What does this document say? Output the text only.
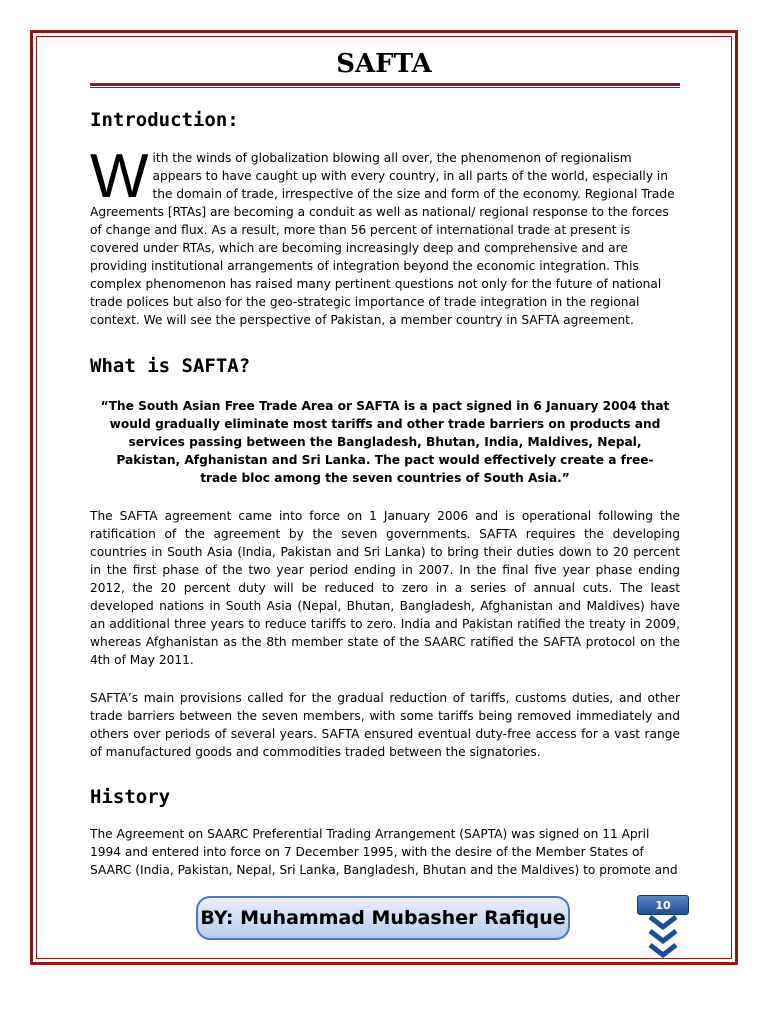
SAFTA
Introduction:

With the winds of globalization blowing all over, the phenomenon of regionalism appears to have caught up with every country, in all parts of the world, especially in the domain of trade, irrespective of the size and form of the economy. Regional Trade Agreements [RTAs] are becoming a conduit as well as national/ regional response to the forces of change and flux. As a result, more than 56 percent of international trade at present is covered under RTAs, which are becoming increasingly deep and comprehensive and are providing institutional arrangements of integration beyond the economic integration. This complex phenomenon has raised many pertinent questions not only for the future of national trade polices but also for the geo-strategic importance of trade integration in the regional context. We will see the perspective of Pakistan, a member country in SAFTA agreement.

What is SAFTA?

“The South Asian Free Trade Area or SAFTA is a pact signed in 6 January 2004 that would gradually eliminate most tariffs and other trade barriers on products and services passing between the Bangladesh, Bhutan, India, Maldives, Nepal, Pakistan, Afghanistan and Sri Lanka. The pact would effectively create a free-trade bloc among the seven countries of South Asia.”

The SAFTA agreement came into force on 1 January 2006 and is operational following the ratification of the agreement by the seven governments. SAFTA requires the developing countries in South Asia (India, Pakistan and Sri Lanka) to bring their duties down to 20 percent in the first phase of the two year period ending in 2007. In the final five year phase ending 2012, the 20 percent duty will be reduced to zero in a series of annual cuts. The least developed nations in South Asia (Nepal, Bhutan, Bangladesh, Afghanistan and Maldives) have an additional three years to reduce tariffs to zero. India and Pakistan ratified the treaty in 2009, whereas Afghanistan as the 8th member state of the SAARC ratified the SAFTA protocol on the 4th of May 2011.

SAFTA’s main provisions called for the gradual reduction of tariffs, customs duties, and other trade barriers between the seven members, with some tariffs being removed immediately and others over periods of several years. SAFTA ensured eventual duty-free access for a vast range of manufactured goods and commodities traded between the signatories.

History

The Agreement on SAARC Preferential Trading Arrangement (SAPTA) was signed on 11 April 1994 and entered into force on 7 December 1995, with the desire of the Member States of SAARC (India, Pakistan, Nepal, Sri Lanka, Bangladesh, Bhutan and the Maldives) to promote and

BY: Muhammad Mubasher Rafique
10
